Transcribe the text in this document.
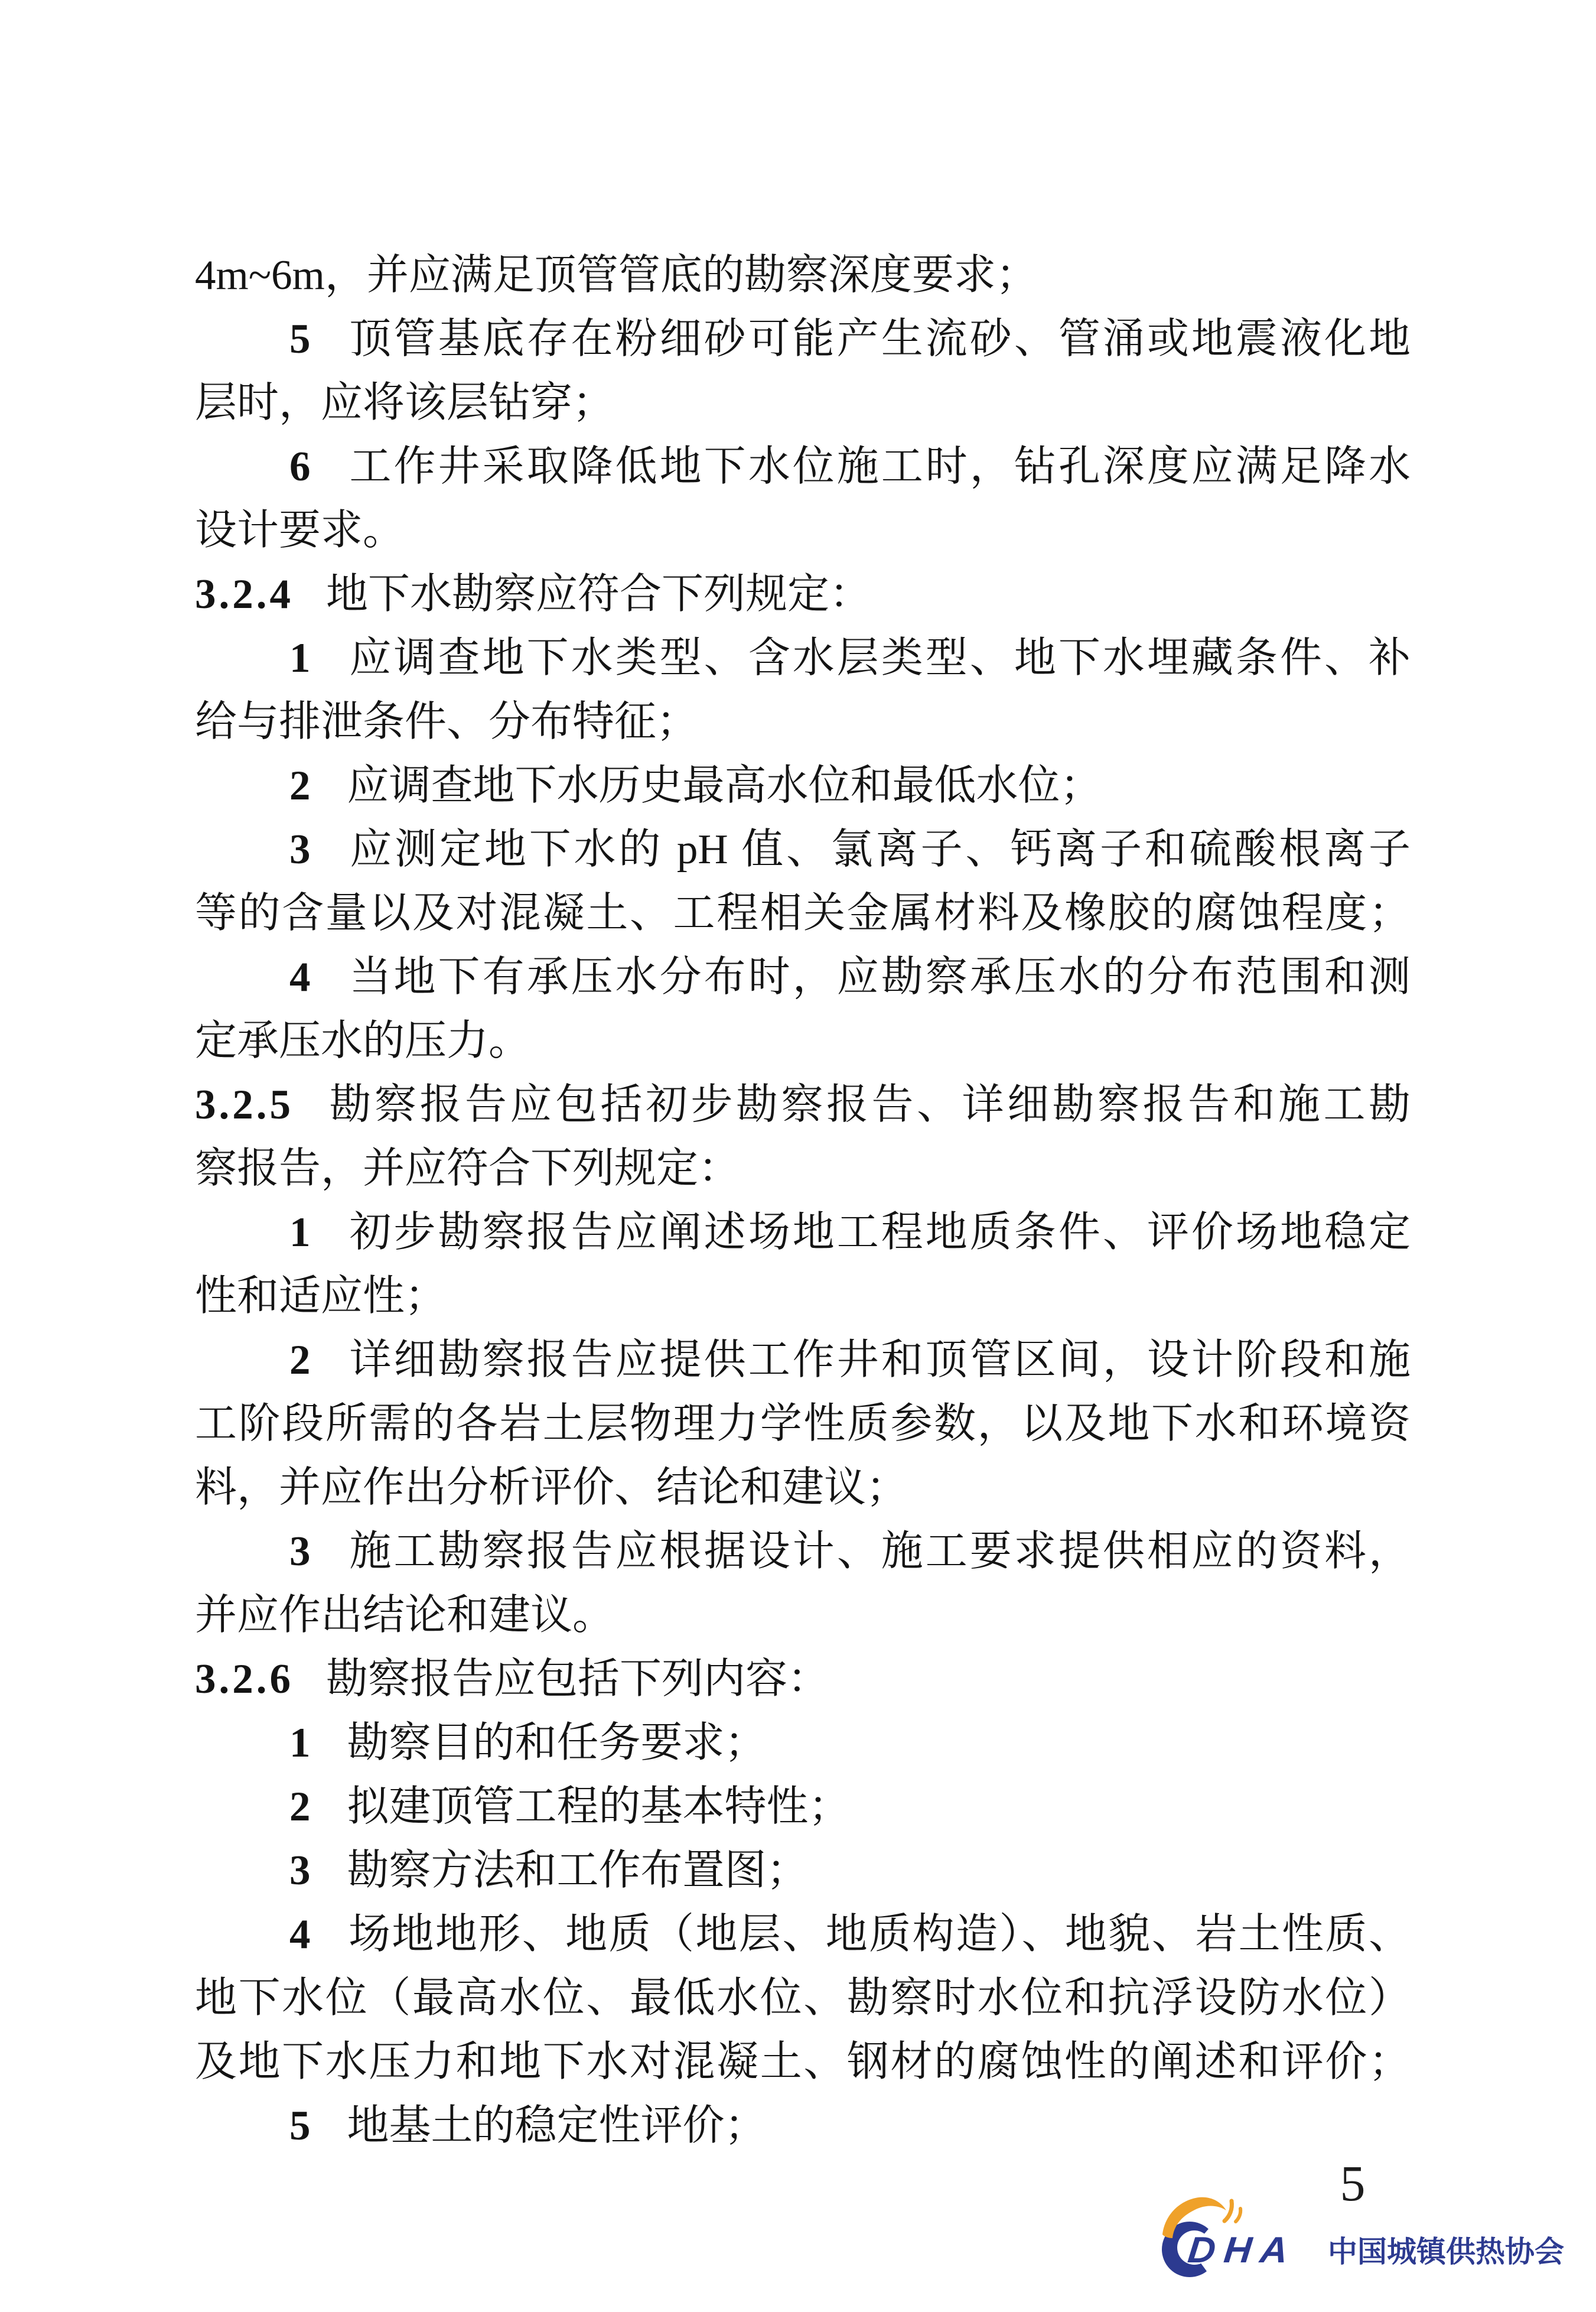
4m~6m，并应满足顶管管底的勘察深度要求；
5 顶管基底存在粉细砂可能产生流砂、管涌或地震液化地
层时，应将该层钻穿；
6 工作井采取降低地下水位施工时，钻孔深度应满足降水
设计要求。
3.2.4 地下水勘察应符合下列规定：
1 应调查地下水类型、含水层类型、地下水埋藏条件、补
给与排泄条件、分布特征；
2 应调查地下水历史最高水位和最低水位；
3 应测定地下水的 pH 值、氯离子、钙离子和硫酸根离子
等的含量以及对混凝土、工程相关金属材料及橡胶的腐蚀程度；
4 当地下有承压水分布时，应勘察承压水的分布范围和测
定承压水的压力。
3.2.5 勘察报告应包括初步勘察报告、详细勘察报告和施工勘
察报告，并应符合下列规定：
1 初步勘察报告应阐述场地工程地质条件、评价场地稳定
性和适应性；
2 详细勘察报告应提供工作井和顶管区间，设计阶段和施
工阶段所需的各岩土层物理力学性质参数，以及地下水和环境资
料，并应作出分析评价、结论和建议；
3 施工勘察报告应根据设计、施工要求提供相应的资料，
并应作出结论和建议。
3.2.6 勘察报告应包括下列内容：
1 勘察目的和任务要求；
2 拟建顶管工程的基本特性；
3 勘察方法和工作布置图；
4 场地地形、地质（地层、地质构造）、地貌、岩土性质、
地下水位（最高水位、最低水位、勘察时水位和抗浮设防水位）
及地下水压力和地下水对混凝土、钢材的腐蚀性的阐述和评价；
5 地基土的稳定性评价；
5
DHA 中国城镇供热协会
